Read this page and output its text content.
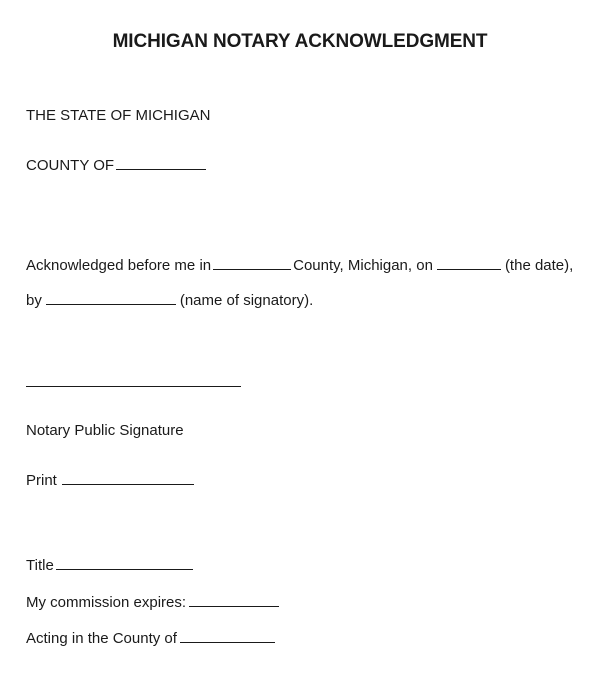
MICHIGAN NOTARY ACKNOWLEDGMENT
THE STATE OF MICHIGAN
COUNTY OF
Acknowledged before me in	County, Michigan, on	(the date),
by	(name of signatory).
Notary Public Signature
Print
Title
My commission expires:
Acting in the County of
